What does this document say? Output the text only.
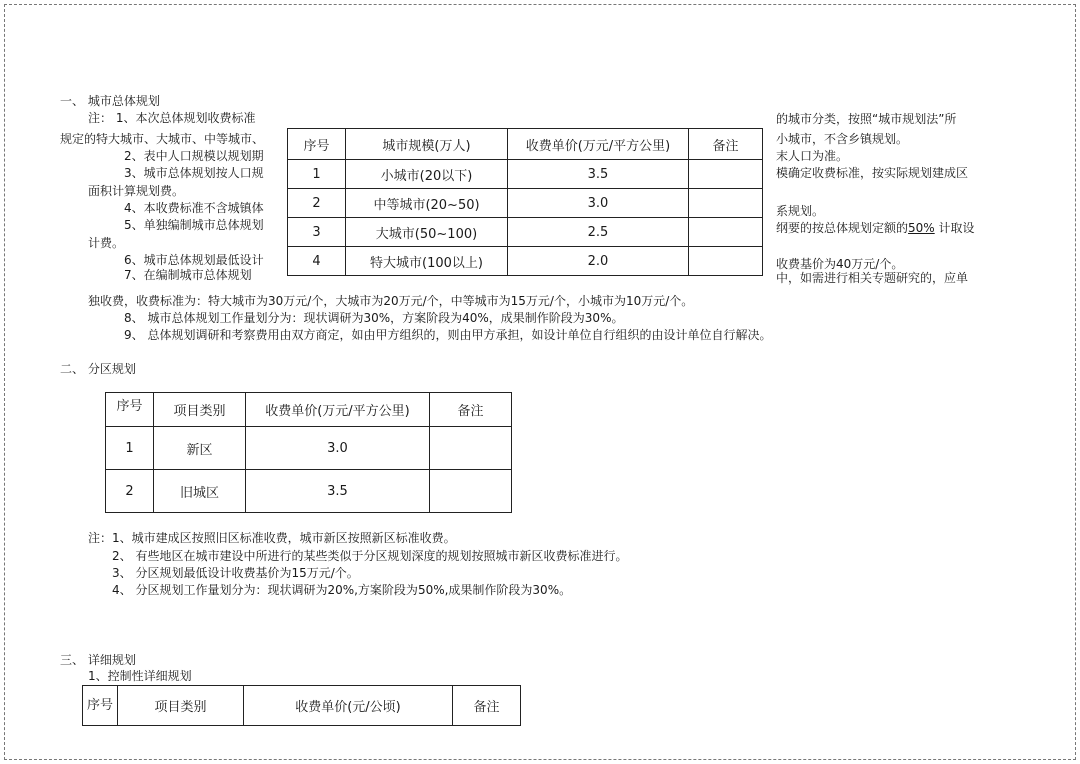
一、 城市总体规划
注： 1、本次总体规划收费标准
规定的特大城市、大城市、中等城市、
2、表中人口规模以规划期
3、城市总体规划按人口规
面积计算规划费。
4、本收费标准不含城镇体
5、单独编制城市总体规划
计费。
6、城市总体规划最低设计
7、在编制城市总体规划
的城市分类，按照“城市规划法”所
小城市，不含乡镇规划。
末人口为准。
模确定收费标准，按实际规划建成区
系规划。
纲要的按总体规划定额的50% 计取设
收费基价为40万元/个。
中，如需进行相关专题研究的，应单
序号	城市规模(万人)	收费单价(万元/平方公里)	备注
1	小城市(20以下)	3.5	
2	中等城市(20~50)	3.0	
3	大城市(50~100)	2.5	
4	特大城市(100以上)	2.0	
独收费，收费标准为：特大城市为30万元/个，大城市为20万元/个，中等城市为15万元/个，小城市为10万元/个。
8、 城市总体规划工作量划分为：现状调研为30%，方案阶段为40%，成果制作阶段为30%。
9、 总体规划调研和考察费用由双方商定，如由甲方组织的，则由甲方承担，如设计单位自行组织的由设计单位自行解决。
二、 分区规划
序号	项目类别	收费单价(万元/平方公里)	备注
1	新区	3.0	
2	旧城区	3.5	
注：1、城市建成区按照旧区标准收费，城市新区按照新区标准收费。
2、 有些地区在城市建设中所进行的某些类似于分区规划深度的规划按照城市新区收费标准进行。
3、 分区规划最低设计收费基价为15万元/个。
4、 分区规划工作量划分为：现状调研为20%,方案阶段为50%,成果制作阶段为30%。
三、 详细规划
1、控制性详细规划
序号	项目类别	收费单价(元/公顷)	备注
